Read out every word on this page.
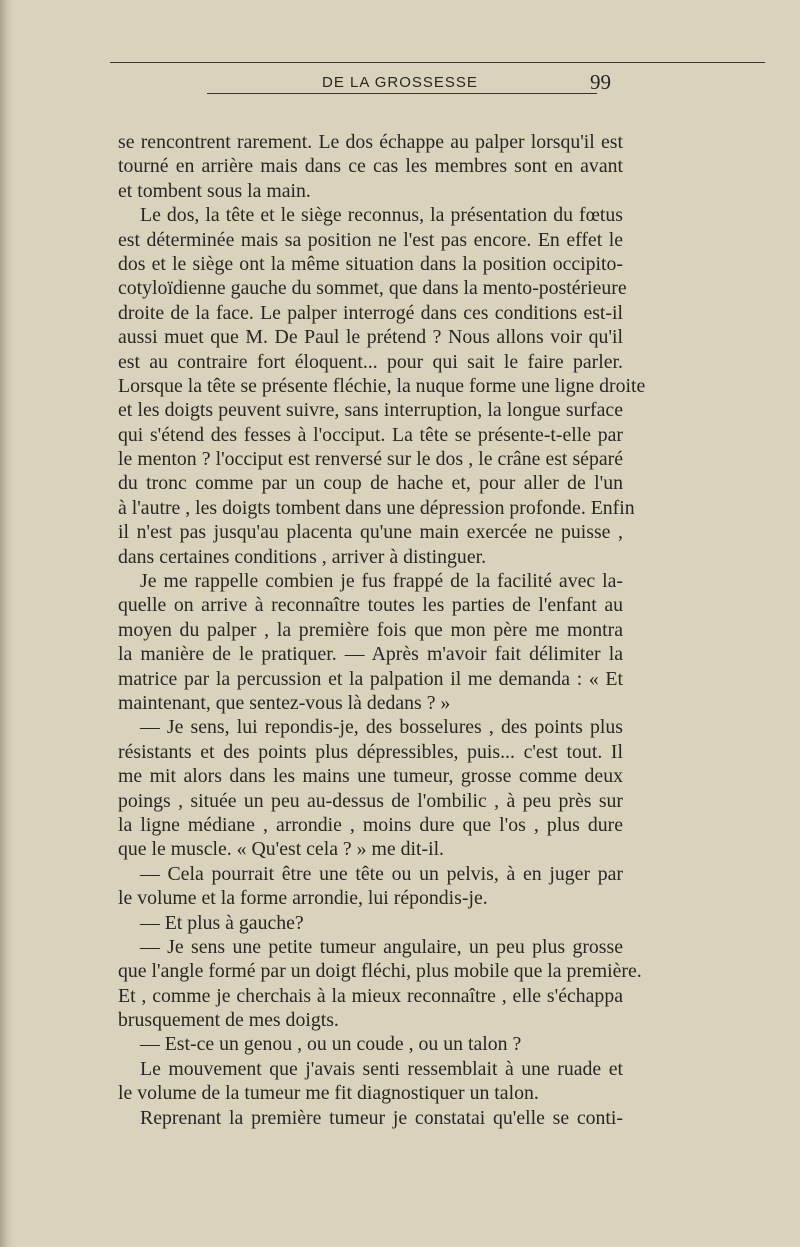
DE LA GROSSESSE	99
se rencontrent rarement. Le dos échappe au palper lorsqu'il est
tourné en arrière mais dans ce cas les membres sont en avant
et tombent sous la main.
Le dos, la tête et le siège reconnus, la présentation du fœtus
est déterminée mais sa position ne l'est pas encore. En effet le
dos et le siège ont la même situation dans la position occipito-
cotyloïdienne gauche du sommet, que dans la mento-postérieure
droite de la face. Le palper interrogé dans ces conditions est-il
aussi muet que M. De Paul le prétend ? Nous allons voir qu'il
est au contraire fort éloquent... pour qui sait le faire parler.
Lorsque la tête se présente fléchie, la nuque forme une ligne droite
et les doigts peuvent suivre, sans interruption, la longue surface
qui s'étend des fesses à l'occiput. La tête se présente-t-elle par
le menton ? l'occiput est renversé sur le dos , le crâne est séparé
du tronc comme par un coup de hache et, pour aller de l'un
à l'autre , les doigts tombent dans une dépression profonde. Enfin
il n'est pas jusqu'au placenta qu'une main exercée ne puisse ,
dans certaines conditions , arriver à distinguer.
Je me rappelle combien je fus frappé de la facilité avec la-
quelle on arrive à reconnaître toutes les parties de l'enfant au
moyen du palper , la première fois que mon père me montra
la manière de le pratiquer. — Après m'avoir fait délimiter la
matrice par la percussion et la palpation il me demanda : « Et
maintenant, que sentez-vous là dedans ? »
— Je sens, lui repondis-je, des bosselures , des points plus
résistants et des points plus dépressibles, puis... c'est tout. Il
me mit alors dans les mains une tumeur, grosse comme deux
poings , située un peu au-dessus de l'ombilic , à peu près sur
la ligne médiane , arrondie , moins dure que l'os , plus dure
que le muscle. « Qu'est cela ? » me dit-il.
— Cela pourrait être une tête ou un pelvis, à en juger par
le volume et la forme arrondie, lui répondis-je.
— Et plus à gauche?
— Je sens une petite tumeur angulaire, un peu plus grosse
que l'angle formé par un doigt fléchi, plus mobile que la première.
Et , comme je cherchais à la mieux reconnaître , elle s'échappa
brusquement de mes doigts.
— Est-ce un genou , ou un coude , ou un talon ?
Le mouvement que j'avais senti ressemblait à une ruade et
le volume de la tumeur me fit diagnostiquer un talon.
Reprenant la première tumeur je constatai qu'elle se conti-
